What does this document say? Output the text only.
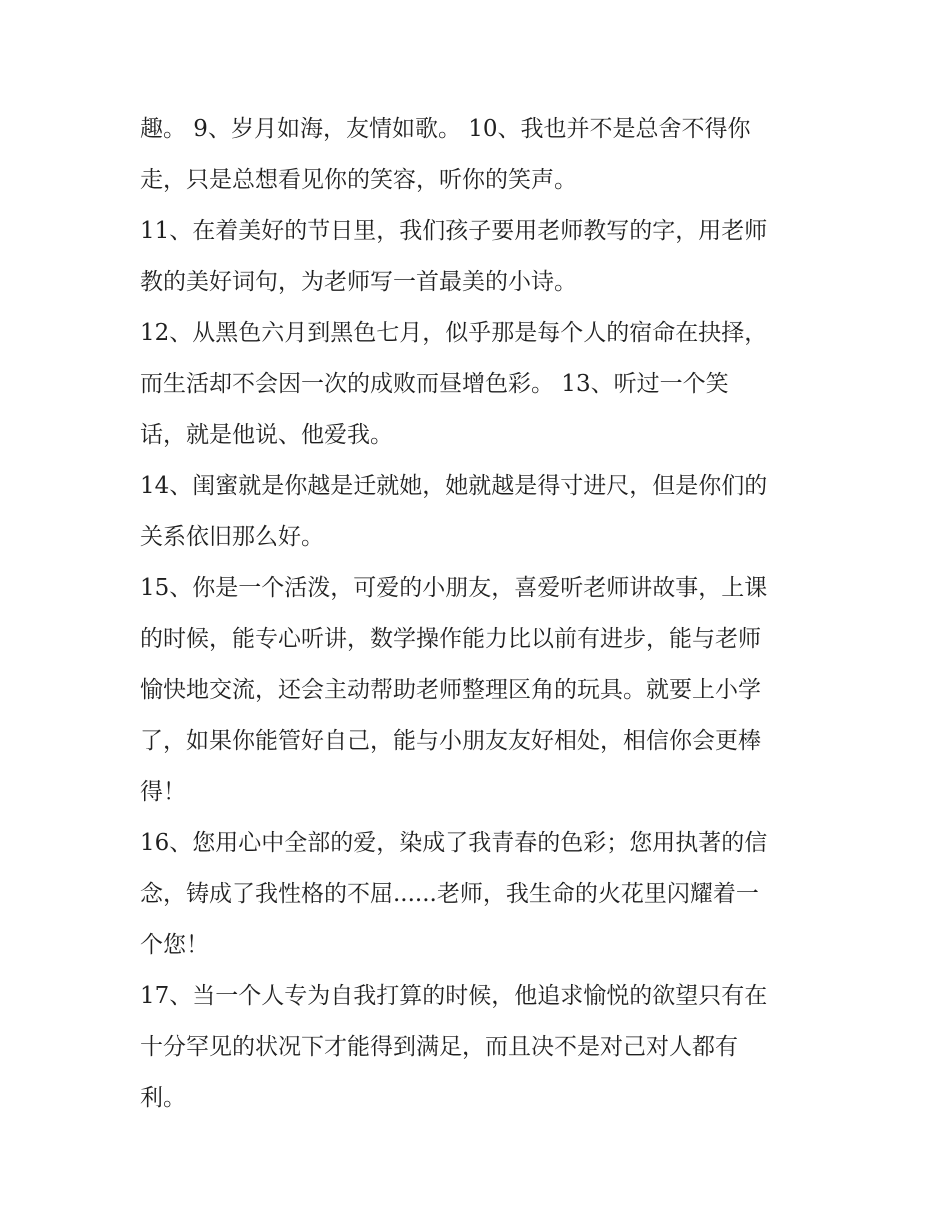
趣。 9、岁月如海，友情如歌。 10、我也并不是总舍不得你
走，只是总想看见你的笑容，听你的笑声。
11、在着美好的节日里，我们孩子要用老师教写的字，用老师
教的美好词句，为老师写一首最美的小诗。
12、从黑色六月到黑色七月，似乎那是每个人的宿命在抉择，
而生活却不会因一次的成败而昼增色彩。 13、听过一个笑
话，就是他说、他爱我。
14、闺蜜就是你越是迁就她，她就越是得寸进尺，但是你们的
关系依旧那么好。
15、你是一个活泼，可爱的小朋友，喜爱听老师讲故事，上课
的时候，能专心听讲，数学操作能力比以前有进步，能与老师
愉快地交流，还会主动帮助老师整理区角的玩具。就要上小学
了，如果你能管好自己，能与小朋友友好相处，相信你会更棒
得！
16、您用心中全部的爱，染成了我青春的色彩；您用执著的信
念，铸成了我性格的不屈......老师，我生命的火花里闪耀着一
个您！
17、当一个人专为自我打算的时候，他追求愉悦的欲望只有在
十分罕见的状况下才能得到满足，而且决不是对己对人都有
利。
